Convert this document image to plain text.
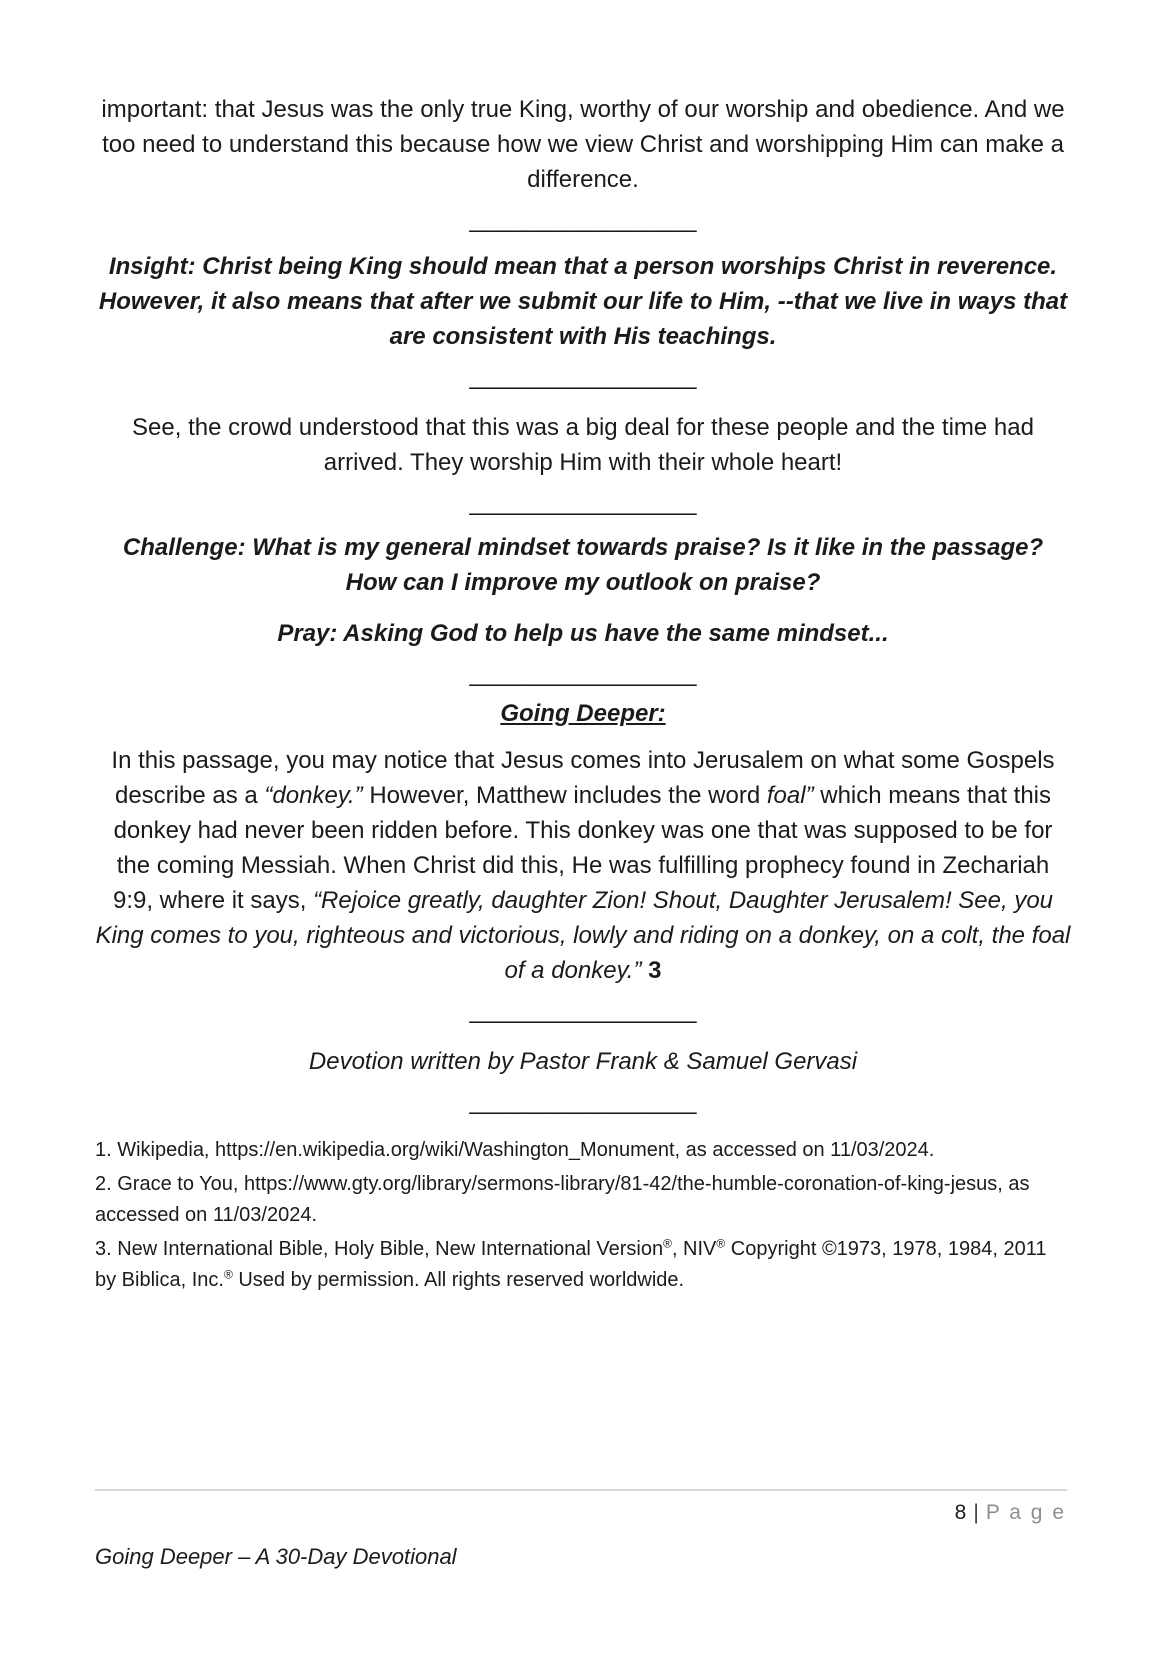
important: that Jesus was the only true King, worthy of our worship and obedience. And we too need to understand this because how we view Christ and worshipping Him can make a difference.

_________________

Insight: Christ being King should mean that a person worships Christ in reverence. However, it also means that after we submit our life to Him, --that we live in ways that are consistent with His teachings.

_________________

See, the crowd understood that this was a big deal for these people and the time had arrived. They worship Him with their whole heart!

_________________

Challenge: What is my general mindset towards praise? Is it like in the passage? How can I improve my outlook on praise?

Pray: Asking God to help us have the same mindset...

_________________

Going Deeper:

In this passage, you may notice that Jesus comes into Jerusalem on what some Gospels describe as a “donkey.” However, Matthew includes the word foal” which means that this donkey had never been ridden before. This donkey was one that was supposed to be for the coming Messiah. When Christ did this, He was fulfilling prophecy found in Zechariah 9:9, where it says, “Rejoice greatly, daughter Zion! Shout, Daughter Jerusalem! See, you King comes to you, righteous and victorious, lowly and riding on a donkey, on a colt, the foal of a donkey.” 3

_________________

Devotion written by Pastor Frank & Samuel Gervasi

_________________

1. Wikipedia, https://en.wikipedia.org/wiki/Washington_Monument, as accessed on 11/03/2024.

2. Grace to You, https://www.gty.org/library/sermons-library/81-42/the-humble-coronation-of-king-jesus, as accessed on 11/03/2024.

3. New International Bible, Holy Bible, New International Version®, NIV® Copyright ©1973, 1978, 1984, 2011 by Biblica, Inc.® Used by permission. All rights reserved worldwide.

8 | P a g e
Going Deeper – A 30-Day Devotional
